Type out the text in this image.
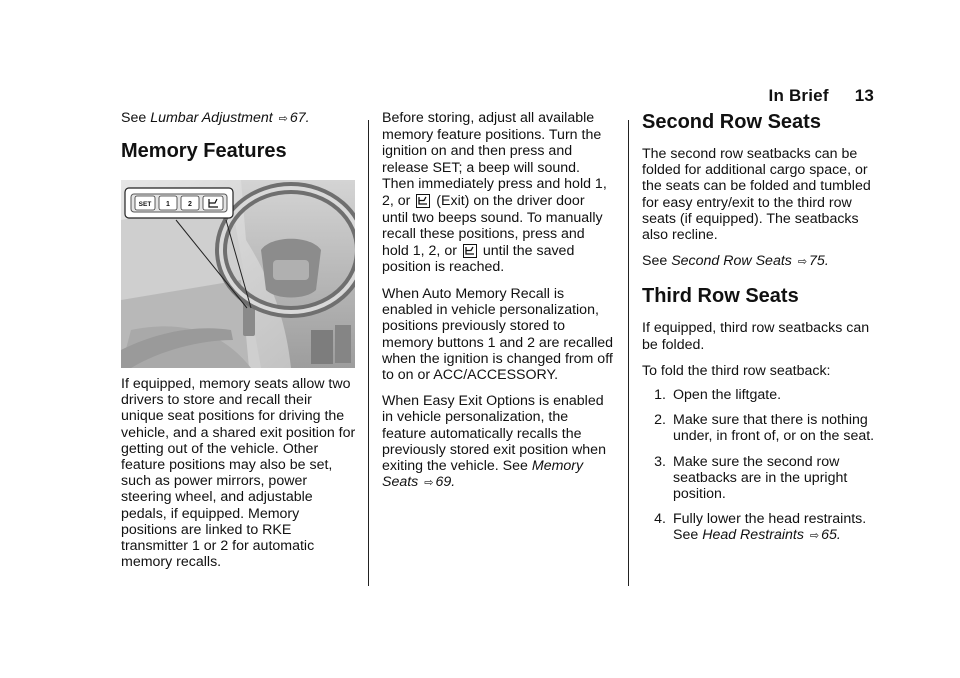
In Brief 13

See Lumbar Adjustment ⇨ 67.

Memory Features
SET 1	2

If equipped, memory seats allow two drivers to store and recall their unique seat positions for driving the vehicle, and a shared exit position for getting out of the vehicle. Other feature positions may also be set, such as power mirrors, power steering wheel, and adjustable pedals, if equipped. Memory positions are linked to RKE transmitter 1 or 2 for automatic memory recalls.

Before storing, adjust all available memory feature positions. Turn the ignition on and then press and release SET; a beep will sound. Then immediately press and hold 1, 2, or (Exit) on the driver door until two beeps sound. To manually recall these positions, press and hold 1, 2, or until the saved position is reached.

When Auto Memory Recall is enabled in vehicle personalization, positions previously stored to memory buttons 1 and 2 are recalled when the ignition is changed from off to on or ACC/ACCESSORY.

When Easy Exit Options is enabled in vehicle personalization, the feature automatically recalls the previously stored exit position when exiting the vehicle. See Memory Seats ⇨ 69.

Second Row Seats

The second row seatbacks can be folded for additional cargo space, or the seats can be folded and tumbled for easy entry/exit to the third row seats (if equipped). The seatbacks also recline.

See Second Row Seats ⇨ 75.

Third Row Seats

If equipped, third row seatbacks can be folded.

To fold the third row seatback:

1. Open the liftgate.
2. Make sure that there is nothing under, in front of, or on the seat.
3. Make sure the second row seatbacks are in the upright position.
4. Fully lower the head restraints.
See Head Restraints ⇨ 65.
